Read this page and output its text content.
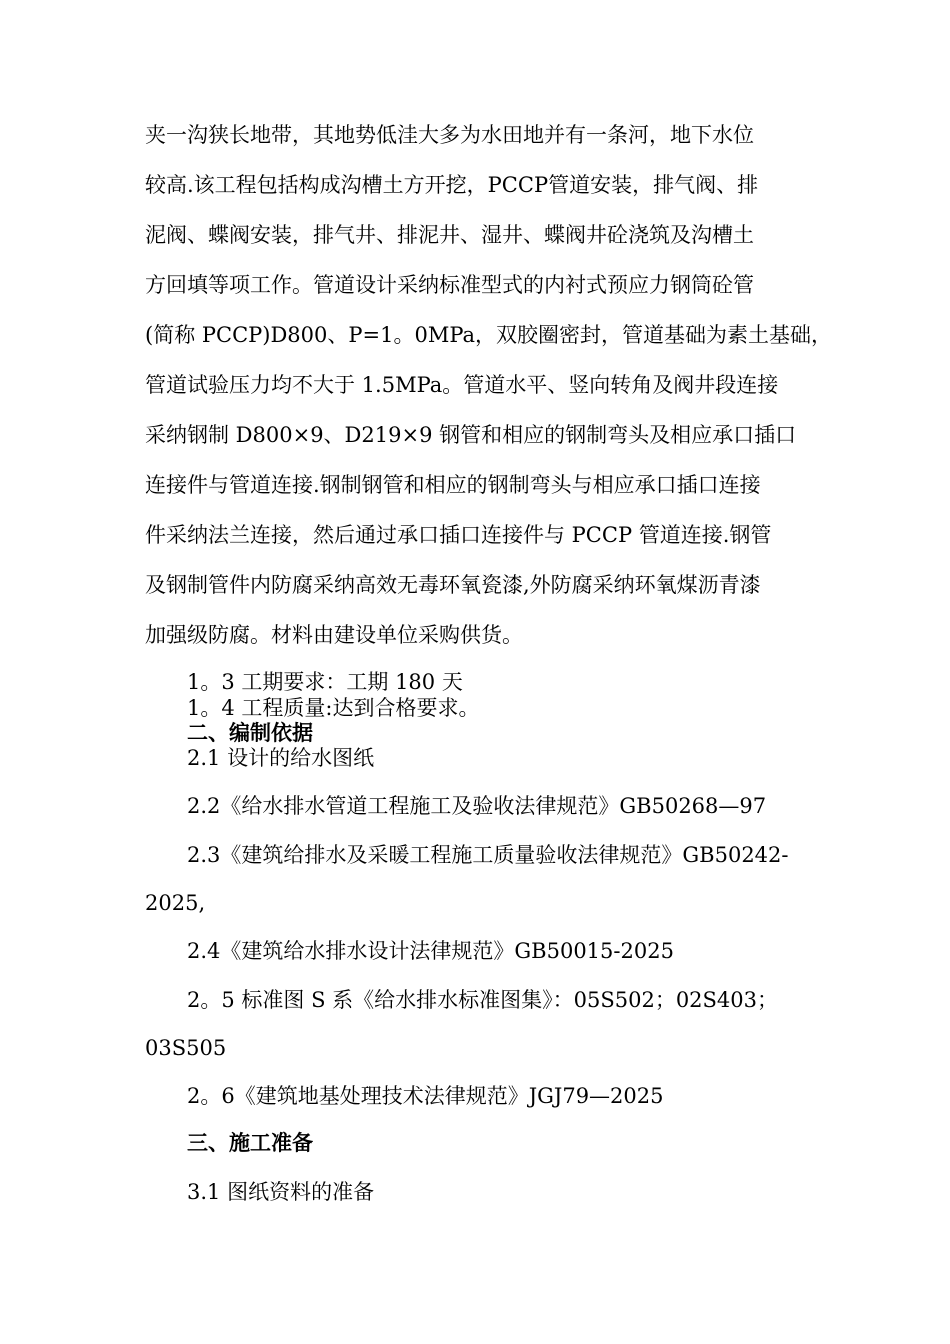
夹一沟狭长地带，其地势低洼大多为水田地并有一条河，地下水位
较高.该工程包括构成沟槽土方开挖，PCCP管道安装，排气阀、排
泥阀、蝶阀安装，排气井、排泥井、湿井、蝶阀井砼浇筑及沟槽土
方回填等项工作。管道设计采纳标准型式的内衬式预应力钢筒砼管
(简称 PCCP)D800、P=1。0MPa，双胶圈密封，管道基础为素土基础，
管道试验压力均不大于 1.5MPa。管道水平、竖向转角及阀井段连接
采纳钢制 D800×9、D219×9 钢管和相应的钢制弯头及相应承口插口
连接件与管道连接.钢制钢管和相应的钢制弯头与相应承口插口连接
件采纳法兰连接，然后通过承口插口连接件与 PCCP 管道连接.钢管
及钢制管件内防腐采纳高效无毒环氧瓷漆,外防腐采纳环氧煤沥青漆
加强级防腐。材料由建设单位采购供货。
1。3 工期要求：工期 180 天
1。4 工程质量:达到合格要求。
二、编制依据
2.1 设计的给水图纸
2.2《给水排水管道工程施工及验收法律规范》GB50268—97
2.3《建筑给排水及采暖工程施工质量验收法律规范》GB50242-
2025,
2.4《建筑给水排水设计法律规范》GB50015-2025
2。5 标准图 S 系《给水排水标准图集》：05S502；02S403；
03S505
2。6《建筑地基处理技术法律规范》JGJ79—2025
三、施工准备
3.1 图纸资料的准备
